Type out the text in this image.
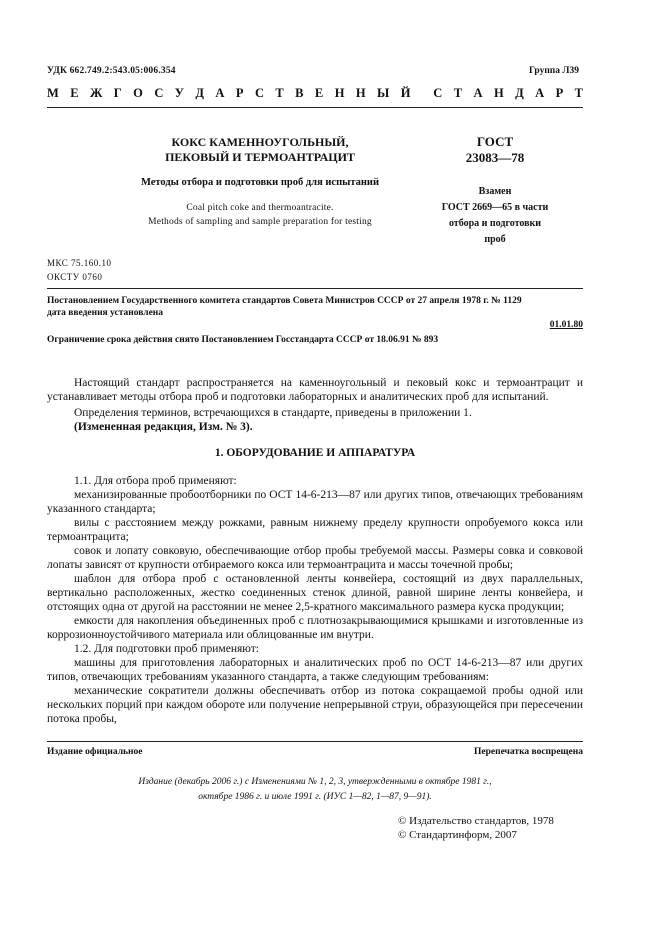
УДК 662.749.2:543.05:006.354	Группа Л39
М Е Ж Г О С У Д А Р С Т В Е Н Н Ы Й С Т А Н Д А Р Т
КОКС КАМЕННОУГОЛЬНЫЙ,
ПЕКОВЫЙ И ТЕРМОАНТРАЦИТ
Методы отбора и подготовки проб для испытаний
Coal pitch coke and thermoantracite.
Methods of sampling and sample preparation for testing
ГОСТ
23083—78
Взамен
ГОСТ 2669—65 в части
отбора и подготовки
проб
МКС 75.160.10
ОКСТУ 0760
Постановлением Государственного комитета стандартов Совета Министров СССР от 27 апреля 1978 г. № 1129
дата введения установлена
01.01.80
Ограничение срока действия снято Постановлением Госстандарта СССР от 18.06.91 № 893

Настоящий стандарт распространяется на каменноугольный и пековый кокс и термоантрацит и устанавливает методы отбора проб и подготовки лабораторных и аналитических проб для испытаний.

Определения терминов, встречающихся в стандарте, приведены в приложении 1.

(Измененная редакция, Изм. № 3).

1. ОБОРУДОВАНИЕ И АППАРАТУРА

1.1. Для отбора проб применяют:

механизированные пробоотборники по ОСТ 14-6-213—87 или других типов, отвечающих требованиям указанного стандарта;

вилы с расстоянием между рожками, равным нижнему пределу крупности опробуемого кокса или термоантрацита;

совок и лопату совковую, обеспечивающие отбор пробы требуемой массы. Размеры совка и совковой лопаты зависят от крупности отбираемого кокса или термоантрацита и массы точечной пробы;

шаблон для отбора проб с остановленной ленты конвейера, состоящий из двух параллельных, вертикально расположенных, жестко соединенных стенок длиной, равной ширине ленты конвейера, и отстоящих одна от другой на расстоянии не менее 2,5-кратного максимального размера куска продукции;

емкости для накопления объединенных проб с плотнозакрывающимися крышками и изготовленные из коррозионноустойчивого материала или облицованные им внутри.

1.2. Для подготовки проб применяют:

машины для приготовления лабораторных и аналитических проб по ОСТ 14-6-213—87 или других типов, отвечающих требованиям указанного стандарта, а также следующим требованиям:

механические сократители должны обеспечивать отбор из потока сокращаемой пробы одной или нескольких порций при каждом обороте или получение непрерывной струи, образующейся при пересечении потока пробы,

Издание официальное	Перепечатка воспрещена
Издание (декабрь 2006 г.) с Изменениями № 1, 2, 3, утвержденными в октябре 1981 г.,
октябре 1986 г. и июле 1991 г. (ИУС 1—82, 1—87, 9—91).
© Издательство стандартов, 1978
© Стандартинформ, 2007
